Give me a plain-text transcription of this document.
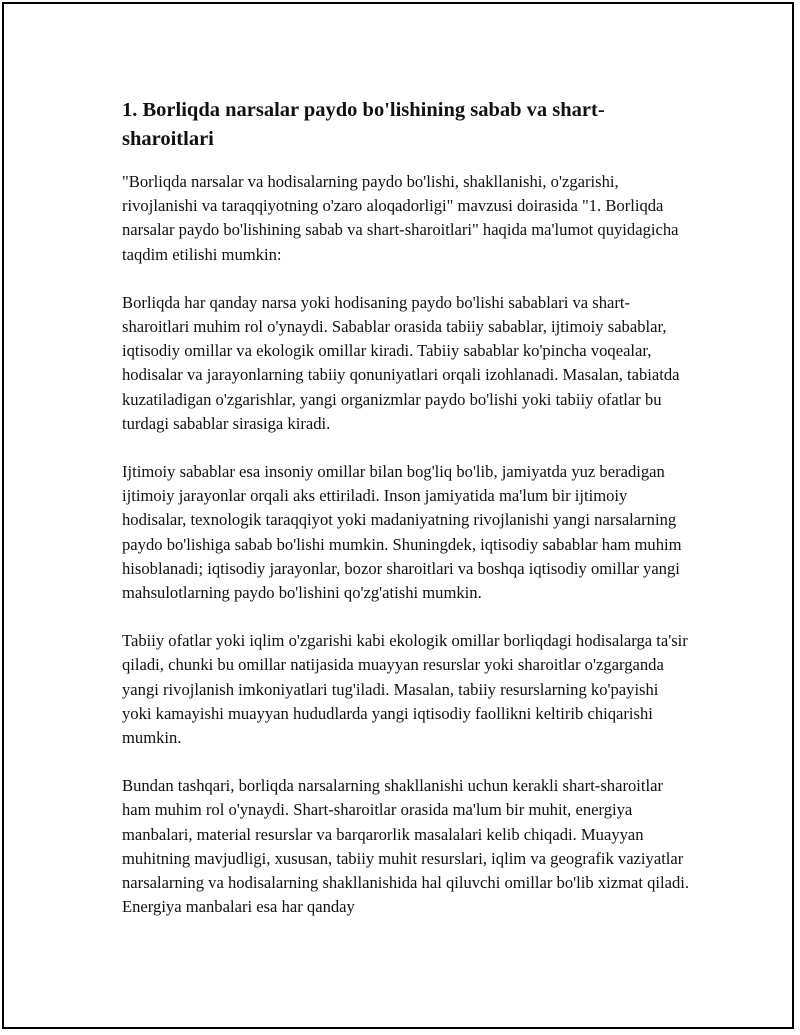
1. Borliqda narsalar paydo bo'lishining sabab va shart-sharoitlari

"Borliqda narsalar va hodisalarning paydo bo'lishi, shakllanishi, o'zgarishi, rivojlanishi va taraqqiyotning o'zaro aloqadorligi" mavzusi doirasida "1. Borliqda narsalar paydo bo'lishining sabab va shart-sharoitlari" haqida ma'lumot quyidagicha taqdim etilishi mumkin:

Borliqda har qanday narsa yoki hodisaning paydo bo'lishi sabablari va shart-sharoitlari muhim rol o'ynaydi. Sabablar orasida tabiiy sabablar, ijtimoiy sabablar, iqtisodiy omillar va ekologik omillar kiradi. Tabiiy sabablar ko'pincha voqealar, hodisalar va jarayonlarning tabiiy qonuniyatlari orqali izohlanadi. Masalan, tabiatda kuzatiladigan o'zgarishlar, yangi organizmlar paydo bo'lishi yoki tabiiy ofatlar bu turdagi sabablar sirasiga kiradi.

Ijtimoiy sabablar esa insoniy omillar bilan bog'liq bo'lib, jamiyatda yuz beradigan ijtimoiy jarayonlar orqali aks ettiriladi. Inson jamiyatida ma'lum bir ijtimoiy hodisalar, texnologik taraqqiyot yoki madaniyatning rivojlanishi yangi narsalarning paydo bo'lishiga sabab bo'lishi mumkin. Shuningdek, iqtisodiy sabablar ham muhim hisoblanadi; iqtisodiy jarayonlar, bozor sharoitlari va boshqa iqtisodiy omillar yangi mahsulotlarning paydo bo'lishini qo'zg'atishi mumkin.

Tabiiy ofatlar yoki iqlim o'zgarishi kabi ekologik omillar borliqdagi hodisalarga ta'sir qiladi, chunki bu omillar natijasida muayyan resurslar yoki sharoitlar o'zgarganda yangi rivojlanish imkoniyatlari tug'iladi. Masalan, tabiiy resurslarning ko'payishi yoki kamayishi muayyan hududlarda yangi iqtisodiy faollikni keltirib chiqarishi mumkin.

Bundan tashqari, borliqda narsalarning shakllanishi uchun kerakli shart-sharoitlar ham muhim rol o'ynaydi. Shart-sharoitlar orasida ma'lum bir muhit, energiya manbalari, material resurslar va barqarorlik masalalari kelib chiqadi. Muayyan muhitning mavjudligi, xususan, tabiiy muhit resurslari, iqlim va geografik vaziyatlar narsalarning va hodisalarning shakllanishida hal qiluvchi omillar bo'lib xizmat qiladi. Energiya manbalari esa har qanday
